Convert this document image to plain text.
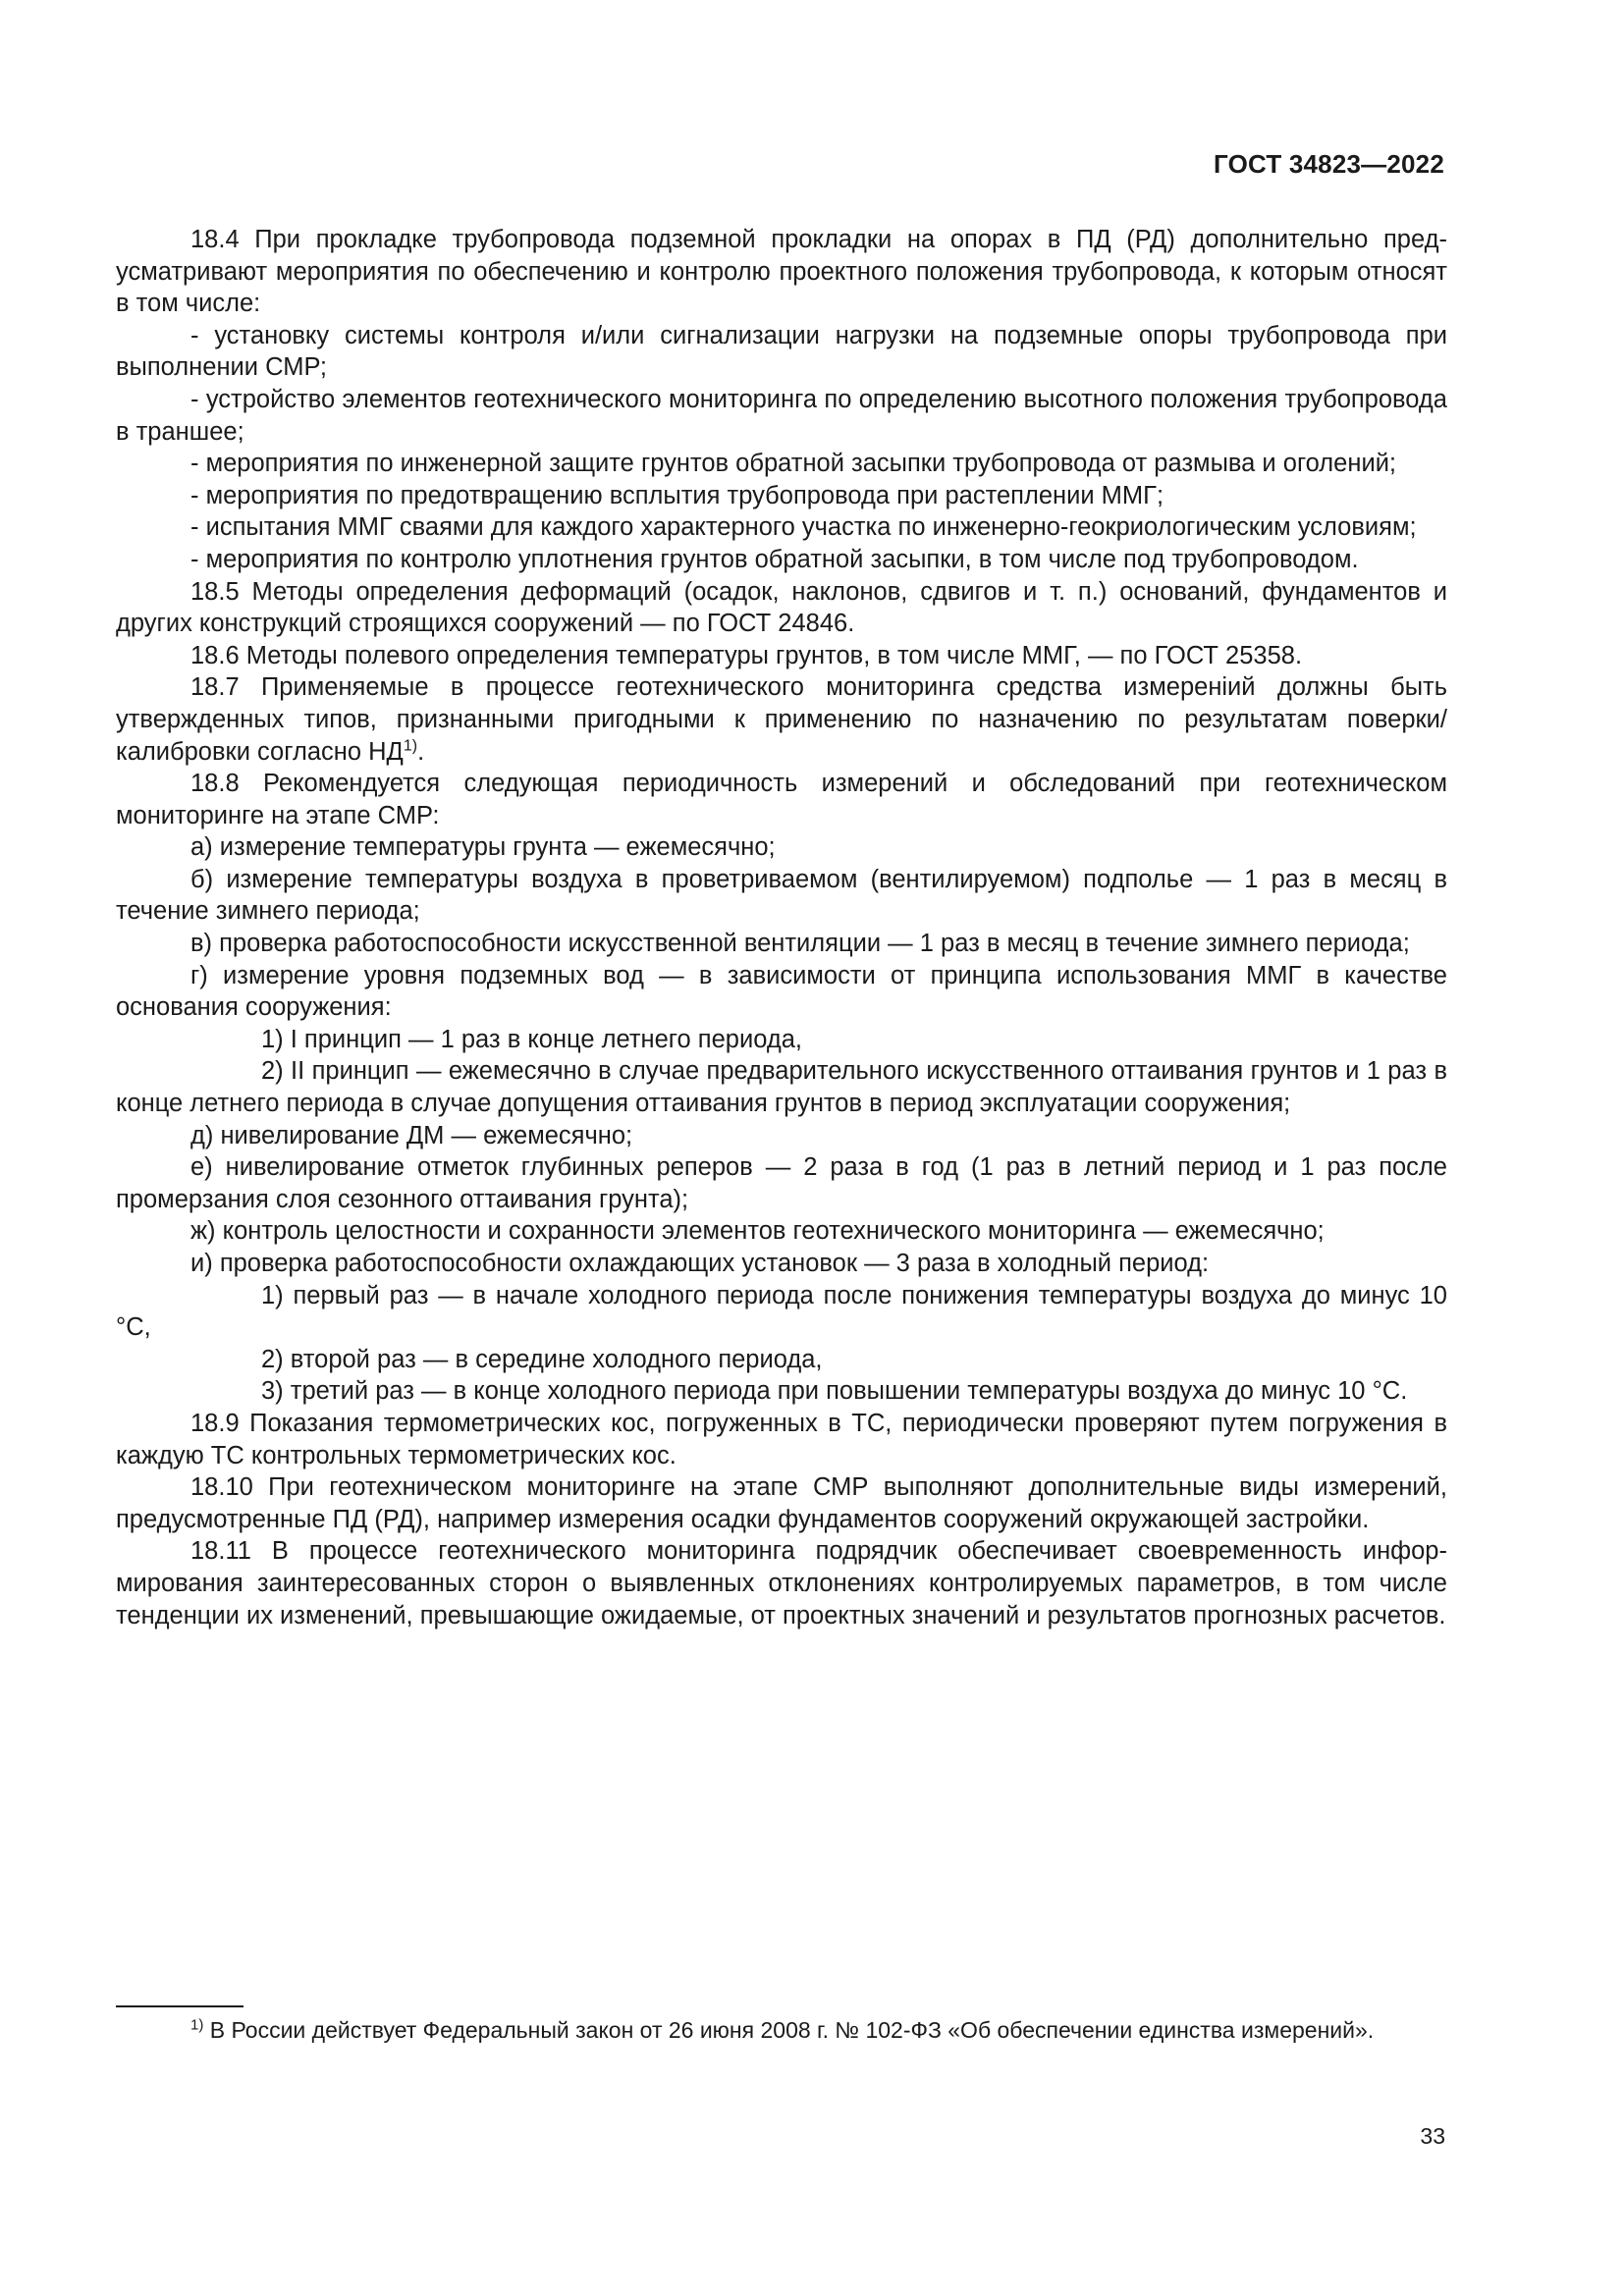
ГОСТ 34823—2022

18.4 При прокладке трубопровода подземной прокладки на опорах в ПД (РД) дополнительно предусматривают мероприятия по обеспечению и контролю проектного положения трубопровода, к которым относят в том числе:

- установку системы контроля и/или сигнализации нагрузки на подземные опоры трубопровода при выполнении СМР;

- устройство элементов геотехнического мониторинга по определению высотного положения трубопровода в траншее;

- мероприятия по инженерной защите грунтов обратной засыпки трубопровода от размыва и оголений;

- мероприятия по предотвращению всплытия трубопровода при растеплении ММГ;

- испытания ММГ сваями для каждого характерного участка по инженерно-геокриологическим условиям;

- мероприятия по контролю уплотнения грунтов обратной засыпки, в том числе под трубопроводом.

18.5 Методы определения деформаций (осадок, наклонов, сдвигов и т. п.) оснований, фундаментов и других конструкций строящихся сооружений — по ГОСТ 24846.

18.6 Методы полевого определения температуры грунтов, в том числе ММГ, — по ГОСТ 25358.

18.7 Применяемые в процессе геотехнического мониторинга средства измеренiий должны быть утвержденных типов, признанными пригодными к применению по назначению по результатам поверки/калибровки согласно НД$^{1)}$.

18.8 Рекомендуется следующая периодичность измерений и обследований при геотехническом мониторинге на этапе СМР:

а) измерение температуры грунта — ежемесячно;

б) измерение температуры воздуха в проветриваемом (вентилируемом) подполье — 1 раз в месяц в течение зимнего периода;

в) проверка работоспособности искусственной вентиляции — 1 раз в месяц в течение зимнего периода;

г) измерение уровня подземных вод — в зависимости от принципа использования ММГ в качестве основания сооружения:

1) I принцип — 1 раз в конце летнего периода,

2) II принцип — ежемесячно в случае предварительного искусственного оттаивания грунтов и 1 раз в конце летнего периода в случае допущения оттаивания грунтов в период эксплуатации сооружения;

д) нивелирование ДМ — ежемесячно;

е) нивелирование отметок глубинных реперов — 2 раза в год (1 раз в летний период и 1 раз после промерзания слоя сезонного оттаивания грунта);

ж) контроль целостности и сохранности элементов геотехнического мониторинга — ежемесячно;

и) проверка работоспособности охлаждающих установок — 3 раза в холодный период:

1) первый раз — в начале холодного периода после понижения температуры воздуха до минус 10 °С,

2) второй раз — в середине холодного периода,

3) третий раз — в конце холодного периода при повышении температуры воздуха до минус 10 °С.

18.9 Показания термометрических кос, погруженных в ТС, периодически проверяют путем погружения в каждую ТС контрольных термометрических кос.

18.10 При геотехническом мониторинге на этапе СМР выполняют дополнительные виды измерений, предусмотренные ПД (РД), например измерения осадки фундаментов сооружений окружающей застройки.

18.11 В процессе геотехнического мониторинга подрядчик обеспечивает своевременность информирования заинтересованных сторон о выявленных отклонениях контролируемых параметров, в том числе тенденции их изменений, превышающие ожидаемые, от проектных значений и результатов прогнозных расчетов.

$^{1)}$ В России действует Федеральный закон от 26 июня 2008 г. № 102-ФЗ «Об обеспечении единства измерений».
33
